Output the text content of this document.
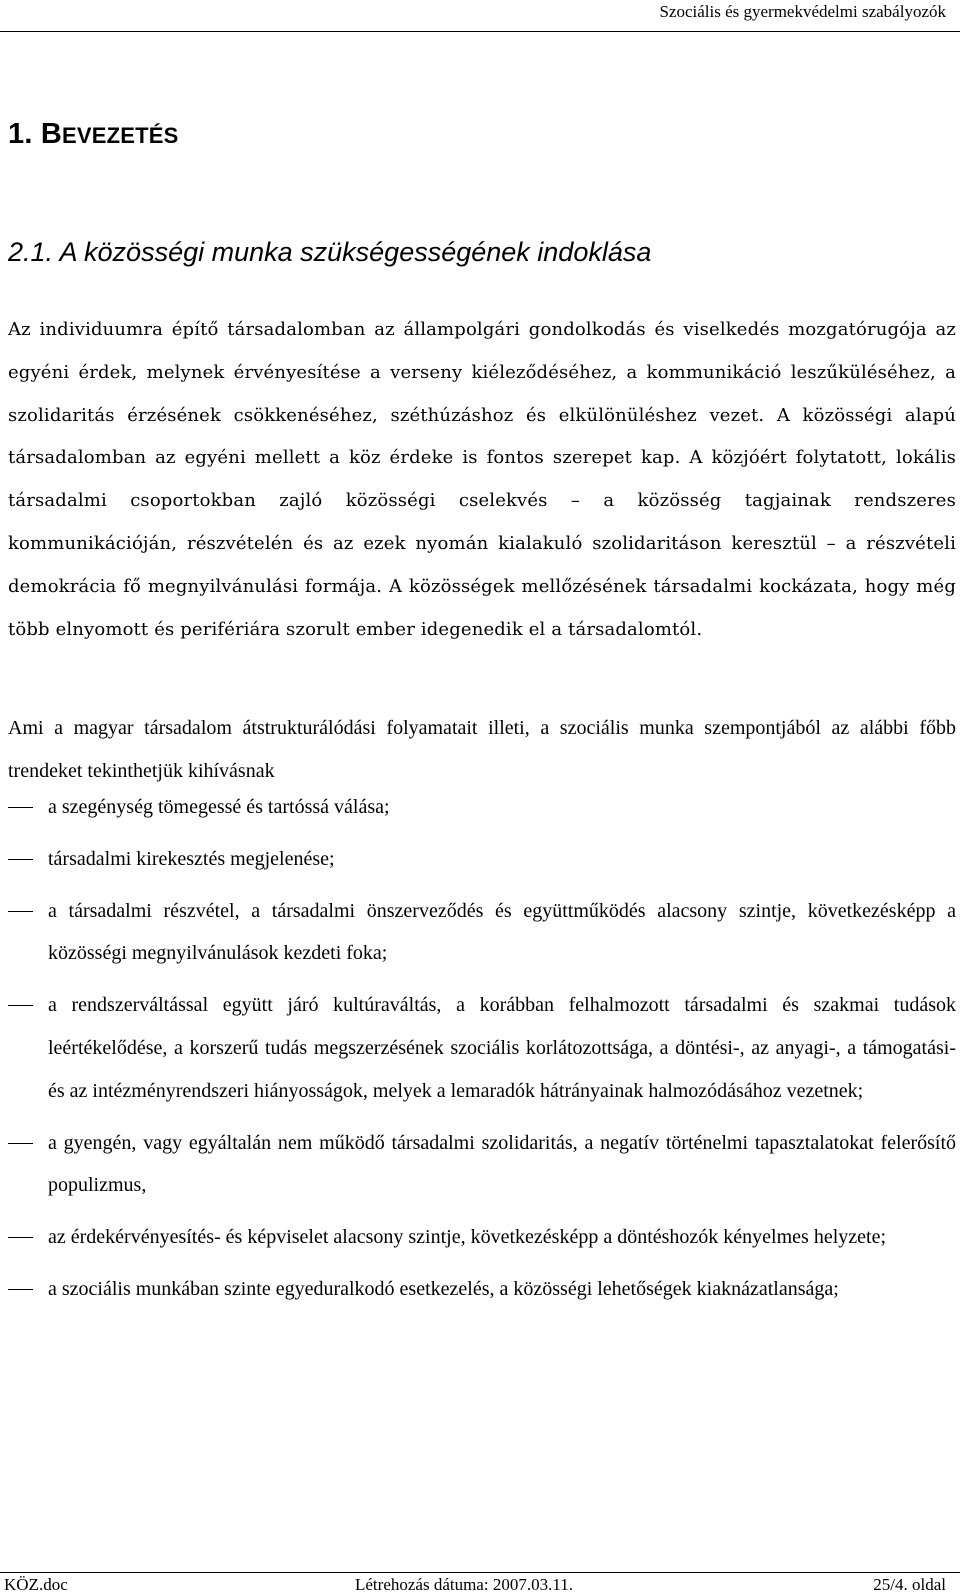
Szociális és gyermekvédelmi szabályozók
1. BEVEZETÉS
2.1. A közösségi munka szükségességének indoklása

Az individuumra építő társadalomban az állampolgári gondolkodás és viselkedés mozgatórugója az egyéni érdek, melynek érvényesítése a verseny kiéleződéséhez, a kommunikáció leszűküléséhez, a szolidaritás érzésének csökkenéséhez, széthúzáshoz és elkülönüléshez vezet. A közösségi alapú társadalomban az egyéni mellett a köz érdeke is fontos szerepet kap. A közjóért folytatott, lokális társadalmi csoportokban zajló közösségi cselekvés – a közösség tagjainak rendszeres kommunikációján, részvételén és az ezek nyomán kialakuló szolidaritáson keresztül – a részvételi demokrácia fő megnyilvánulási formája. A közösségek mellőzésének társadalmi kockázata, hogy még több elnyomott és perifériára szorult ember idegenedik el a társadalomtól.

Ami a magyar társadalom átstrukturálódási folyamatait illeti, a szociális munka szempontjából az alábbi főbb trendeket tekinthetjük kihívásnak

a szegénység tömegessé és tartóssá válása;
társadalmi kirekesztés megjelenése;
a társadalmi részvétel, a társadalmi önszerveződés és együttműködés alacsony szintje, következésképp a közösségi megnyilvánulások kezdeti foka;
a rendszerváltással együtt járó kultúraváltás, a korábban felhalmozott társadalmi és szakmai tudások leértékelődése, a korszerű tudás megszerzésének szociális korlátozottsága, a döntési-, az anyagi-, a támogatási- és az intézményrendszeri hiányosságok, melyek a lemaradók hátrányainak halmozódásához vezetnek;
a gyengén, vagy egyáltalán nem működő társadalmi szolidaritás, a negatív történelmi tapasztalatokat felerősítő populizmus,
az érdekérvényesítés- és képviselet alacsony szintje, következésképp a döntéshozók kényelmes helyzete;
a szociális munkában szinte egyeduralkodó esetkezelés, a közösségi lehetőségek kiaknázatlansága;
KÖZ.doc	Létrehozás dátuma: 2007.03.11.	25/4. oldal
